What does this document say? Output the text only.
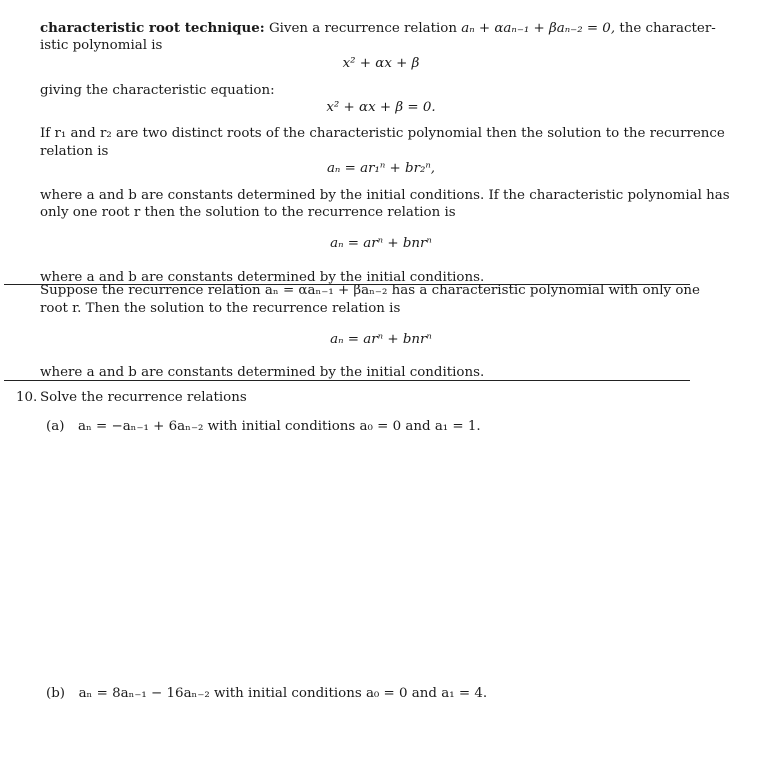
characteristic root technique: Given a recurrence relation aₙ + αaₙ₋₁ + βaₙ₋₂ = 0, the character-
istic polynomial is
x² + αx + β
giving the characteristic equation:
x² + αx + β = 0.
If r₁ and r₂ are two distinct roots of the characteristic polynomial then the solution to the recurrence
relation is
aₙ = ar₁ⁿ + br₂ⁿ,
where a and b are constants determined by the initial conditions. If the characteristic polynomial has
only one root r then the solution to the recurrence relation is
aₙ = arⁿ + bnrⁿ
where a and b are constants determined by the initial conditions.
Suppose the recurrence relation aₙ = αaₙ₋₁ + βaₙ₋₂ has a characteristic polynomial with only one
root r. Then the solution to the recurrence relation is
aₙ = arⁿ + bnrⁿ
where a and b are constants determined by the initial conditions.
10. Solve the recurrence relations
(a) aₙ = −aₙ₋₁ + 6aₙ₋₂ with initial conditions a₀ = 0 and a₁ = 1.
(b) aₙ = 8aₙ₋₁ − 16aₙ₋₂ with initial conditions a₀ = 0 and a₁ = 4.
